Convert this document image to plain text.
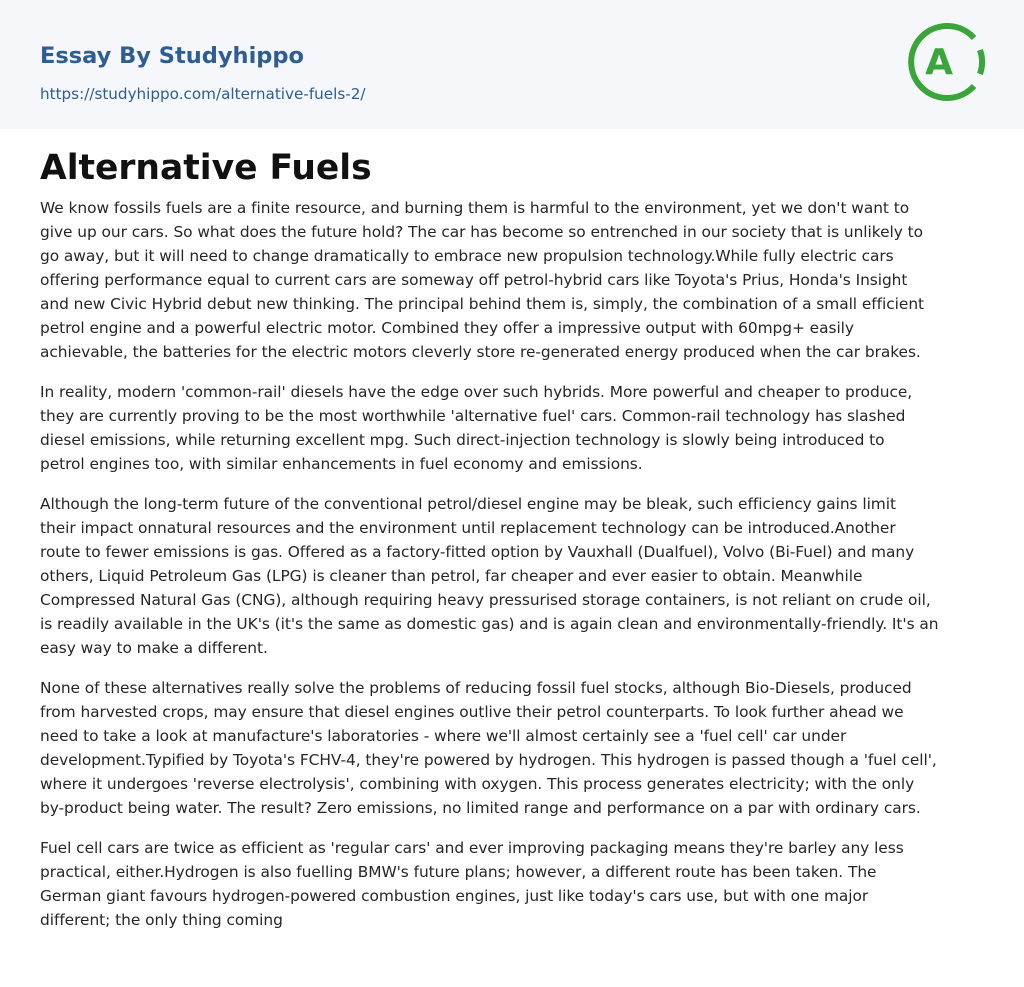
Essay By Studyhippo
https://studyhippo.com/alternative-fuels-2/
A
Alternative Fuels

We know fossils fuels are a finite resource, and burning them is harmful to the environment, yet we don't want to
give up our cars. So what does the future hold? The car has become so entrenched in our society that is unlikely to
go away, but it will need to change dramatically to embrace new propulsion technology.While fully electric cars
offering performance equal to current cars are someway off petrol-hybrid cars like Toyota's Prius, Honda's Insight
and new Civic Hybrid debut new thinking. The principal behind them is, simply, the combination of a small efficient
petrol engine and a powerful electric motor. Combined they offer a impressive output with 60mpg+ easily
achievable, the batteries for the electric motors cleverly store re-generated energy produced when the car brakes.

In reality, modern 'common-rail' diesels have the edge over such hybrids. More powerful and cheaper to produce,
they are currently proving to be the most worthwhile 'alternative fuel' cars. Common-rail technology has slashed
diesel emissions, while returning excellent mpg. Such direct-injection technology is slowly being introduced to
petrol engines too, with similar enhancements in fuel economy and emissions.

Although the long-term future of the conventional petrol/diesel engine may be bleak, such efficiency gains limit
their impact onnatural resources and the environment until replacement technology can be introduced.Another
route to fewer emissions is gas. Offered as a factory-fitted option by Vauxhall (Dualfuel), Volvo (Bi-Fuel) and many
others, Liquid Petroleum Gas (LPG) is cleaner than petrol, far cheaper and ever easier to obtain. Meanwhile
Compressed Natural Gas (CNG), although requiring heavy pressurised storage containers, is not reliant on crude oil,
is readily available in the UK's (it's the same as domestic gas) and is again clean and environmentally-friendly. It's an
easy way to make a different.

None of these alternatives really solve the problems of reducing fossil fuel stocks, although Bio-Diesels, produced
from harvested crops, may ensure that diesel engines outlive their petrol counterparts. To look further ahead we
need to take a look at manufacture's laboratories - where we'll almost certainly see a 'fuel cell' car under
development.Typified by Toyota's FCHV-4, they're powered by hydrogen. This hydrogen is passed though a 'fuel cell',
where it undergoes 'reverse electrolysis', combining with oxygen. This process generates electricity; with the only
by-product being water. The result? Zero emissions, no limited range and performance on a par with ordinary cars.

Fuel cell cars are twice as efficient as 'regular cars' and ever improving packaging means they're barley any less
practical, either.Hydrogen is also fuelling BMW's future plans; however, a different route has been taken. The
German giant favours hydrogen-powered combustion engines, just like today's cars use, but with one major
different; the only thing coming
